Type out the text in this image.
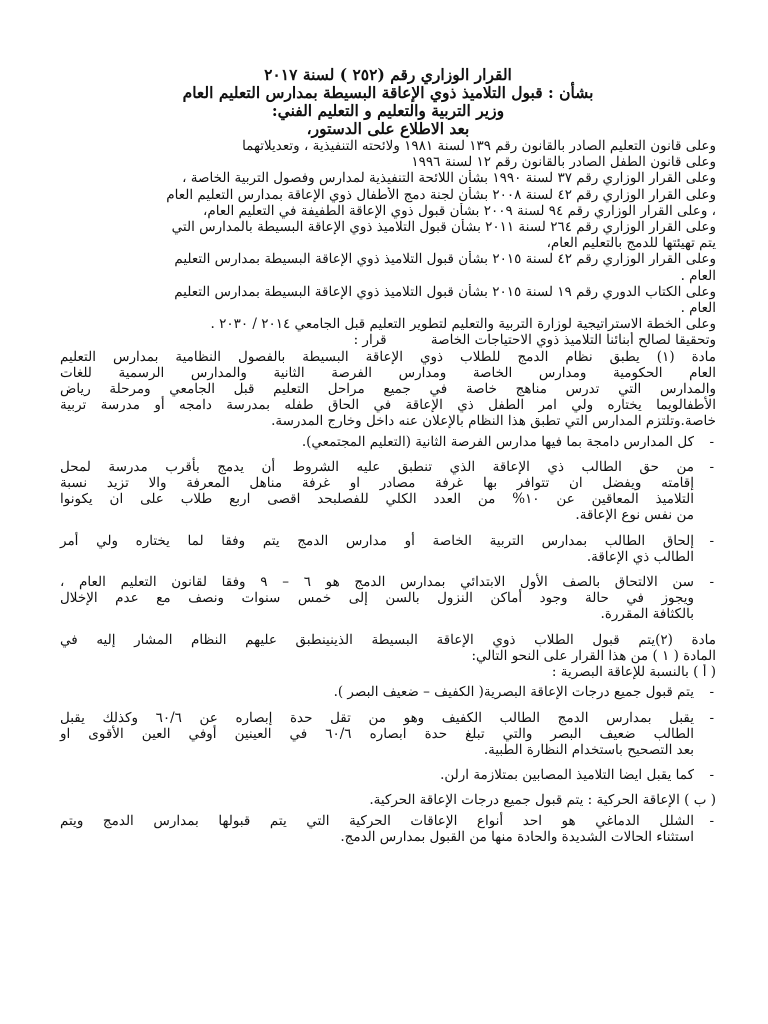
القرار الوزاري رقم (٢٥٢ ) لسنة ٢٠١٧
بشأن : قبول التلاميذ ذوي الإعاقة البسيطة بمدارس التعليم العام
وزير التربية والتعليم و التعليم الفني:
بعد الاطلاع على الدستور،
وعلى قانون التعليم الصادر بالقانون رقم ١٣٩ لسنة ١٩٨١ ولائحته التنفيذية ، وتعديلاتهما
وعلى قانون الطفل الصادر بالقانون رقم ١٢ لسنة ١٩٩٦
وعلى القرار الوزاري رقم ٣٧ لسنة ١٩٩٠ بشأن اللائحة التنفيذية لمدارس وفصول التربية الخاصة ،
وعلى القرار الوزاري رقم ٤٢ لسنة ٢٠٠٨ بشأن لجنة دمج الأطفال ذوي الإعاقة بمدارس التعليم العام
، وعلى القرار الوزاري رقم ٩٤ لسنة ٢٠٠٩ بشأن قبول ذوي الإعاقة الطفيفة في التعليم العام،
وعلى القرار الوزاري رقم ٢٦٤ لسنة ٢٠١١ بشأن قبول التلاميذ ذوي الإعاقة البسيطة بالمدارس التي
يتم تهيئتها للدمج بالتعليم العام،
وعلى القرار الوزاري رقم ٤٢ لسنة ٢٠١٥ بشأن قبول التلاميذ ذوي الإعاقة البسيطة بمدارس التعليم
العام .
وعلى الكتاب الدوري رقم ١٩ لسنة ٢٠١٥ بشأن قبول التلاميذ ذوي الإعاقة البسيطة بمدارس التعليم
العام .
وعلى الخطة الاستراتيجية لوزارة التربية والتعليم لتطوير التعليم قبل الجامعي ٢٠١٤ / ٢٠٣٠ .
وتحقيقا لصالح أبنائنا التلاميذ ذوي الاحتياجات الخاصة قرار :
مادة (١) يطبق نظام الدمج للطلاب ذوي الإعاقة البسيطة بالفصول النظامية بمدارس التعليم
العام الحكومية ومدارس الخاصة ومدارس الفرصة الثانية والمدارس الرسمية للغات
والمدارس التي تدرس مناهج خاصة في جميع مراحل التعليم قبل الجامعي ومرحلة رياض
الأطفالويما يختاره ولي امر الطفل ذي الإعاقة في الحاق طفله بمدرسة دامجه أو مدرسة تربية
خاصة.وتلتزم المدارس التي تطبق هذا النظام بالإعلان عنه داخل وخارج المدرسة.
-
كل المدارس دامجة بما فيها مدارس الفرصة الثانية (التعليم المجتمعي).
-
من حق الطالب ذي الإعاقة الذي تنطبق عليه الشروط أن يدمج بأقرب مدرسة لمحل
إقامته ويفضل ان تتوافر بها غرفة مصادر او غرفة مناهل المعرفة والا تزيد نسبة
التلاميذ المعاقين عن ١٠% من العدد الكلي للفصلبحد اقصى اربع طلاب على ان يكونوا
من نفس نوع الإعاقة.
-
إلحاق الطالب بمدارس التربية الخاصة أو مدارس الدمج يتم وفقا لما يختاره ولي أمر
الطالب ذي الإعاقة.
-
سن الالتحاق بالصف الأول الابتدائي بمدارس الدمج هو ٦ – ٩ وفقا لقانون التعليم العام ،
ويجوز في حالة وجود أماكن النزول بالسن إلى خمس سنوات ونصف مع عدم الإخلال
بالكثافة المقررة.
مادة (٢)يتم قبول الطلاب ذوي الإعاقة البسيطة الذينينطبق عليهم النظام المشار إليه في
المادة ( ١ ) من هذا القرار على النحو التالي:
( أ ) بالنسبة للإعاقة البصرية :
-
يتم قبول جميع درجات الإعاقة البصرية( الكفيف – ضعيف البصر ).
-
يقبل بمدارس الدمج الطالب الكفيف وهو من تقل حدة إبصاره عن ٦٠/٦ وكذلك يقبل
الطالب ضعيف البصر والتي تبلغ حدة ابصاره ٦٠/٦ في العينين أوفي العين الأقوى او
بعد التصحيح باستخدام النظارة الطبية.
-
كما يقبل ايضا التلاميذ المصابين بمتلازمة ارلن.
( ب ) الإعاقة الحركية : يتم قبول جميع درجات الإعاقة الحركية.
-
الشلل الدماغي هو احد أنواع الإعاقات الحركية التي يتم قبولها بمدارس الدمج ويتم
استثناء الحالات الشديدة والحادة منها من القبول بمدارس الدمج.
